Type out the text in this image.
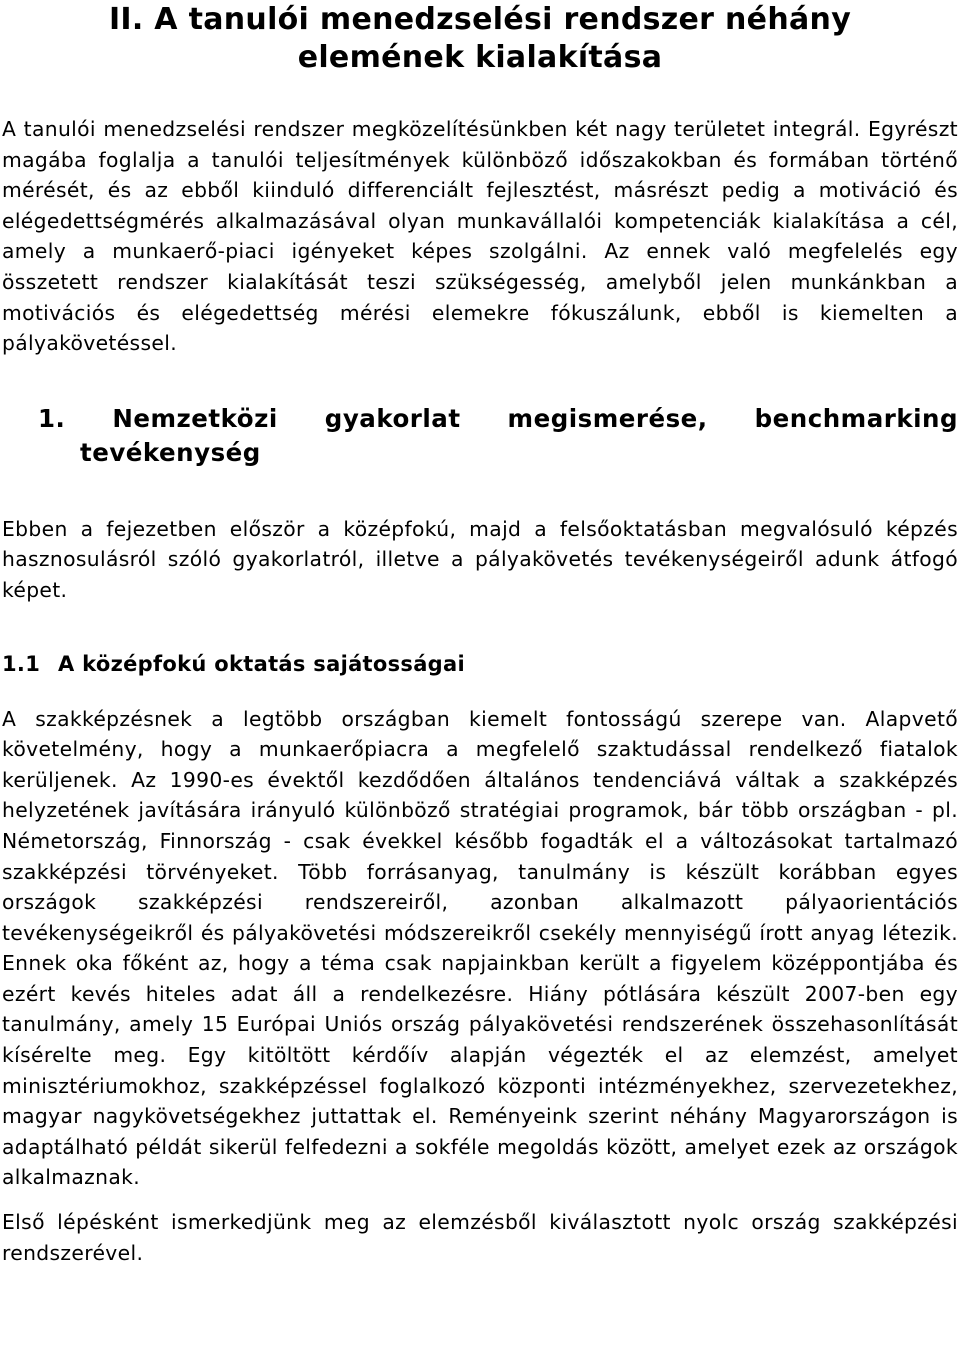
II. A tanulói menedzselési rendszer néhány
elemének kialakítása

A tanulói menedzselési rendszer megközelítésünkben két nagy területet integrál. Egyrészt magába foglalja a tanulói teljesítmények különböző időszakokban és formában történő mérését, és az ebből kiinduló differenciált fejlesztést, másrészt pedig a motiváció és elégedettségmérés alkalmazásával olyan munkavállalói kompetenciák kialakítása a cél, amely a munkaerő-piaci igényeket képes szolgálni. Az ennek való megfelelés egy összetett rendszer kialakítását teszi szükségesség, amelyből jelen munkánkban a motivációs és elégedettség mérési elemekre fókuszálunk, ebből is kiemelten a pályakövetéssel.

1. Nemzetközi gyakorlat megismerése, benchmarking tevékenység

Ebben a fejezetben először a középfokú, majd a felsőoktatásban megvalósuló képzés hasznosulásról szóló gyakorlatról, illetve a pályakövetés tevékenységeiről adunk átfogó képet.

1.1 A középfokú oktatás sajátosságai

A szakképzésnek a legtöbb országban kiemelt fontosságú szerepe van. Alapvető követelmény, hogy a munkaerőpiacra a megfelelő szaktudással rendelkező fiatalok kerüljenek. Az 1990-es évektől kezdődően általános tendenciává váltak a szakképzés helyzetének javítására irányuló különböző stratégiai programok, bár több országban - pl. Németország, Finnország - csak évekkel később fogadták el a változásokat tartalmazó szakképzési törvényeket. Több forrásanyag, tanulmány is készült korábban egyes országok szakképzési rendszereiről, azonban alkalmazott pályaorientációs tevékenységeikről és pályakövetési módszereikről csekély mennyiségű írott anyag létezik. Ennek oka főként az, hogy a téma csak napjainkban került a figyelem középpontjába és ezért kevés hiteles adat áll a rendelkezésre. Hiány pótlására készült 2007-ben egy tanulmány, amely 15 Európai Uniós ország pályakövetési rendszerének összehasonlítását kísérelte meg. Egy kitöltött kérdőív alapján végezték el az elemzést, amelyet minisztériumokhoz, szakképzéssel foglalkozó központi intézményekhez, szervezetekhez, magyar nagykövetségekhez juttattak el. Reményeink szerint néhány Magyarországon is adaptálható példát sikerül felfedezni a sokféle megoldás között, amelyet ezek az országok alkalmaznak.

Első lépésként ismerkedjünk meg az elemzésből kiválasztott nyolc ország szakképzési rendszerével.
